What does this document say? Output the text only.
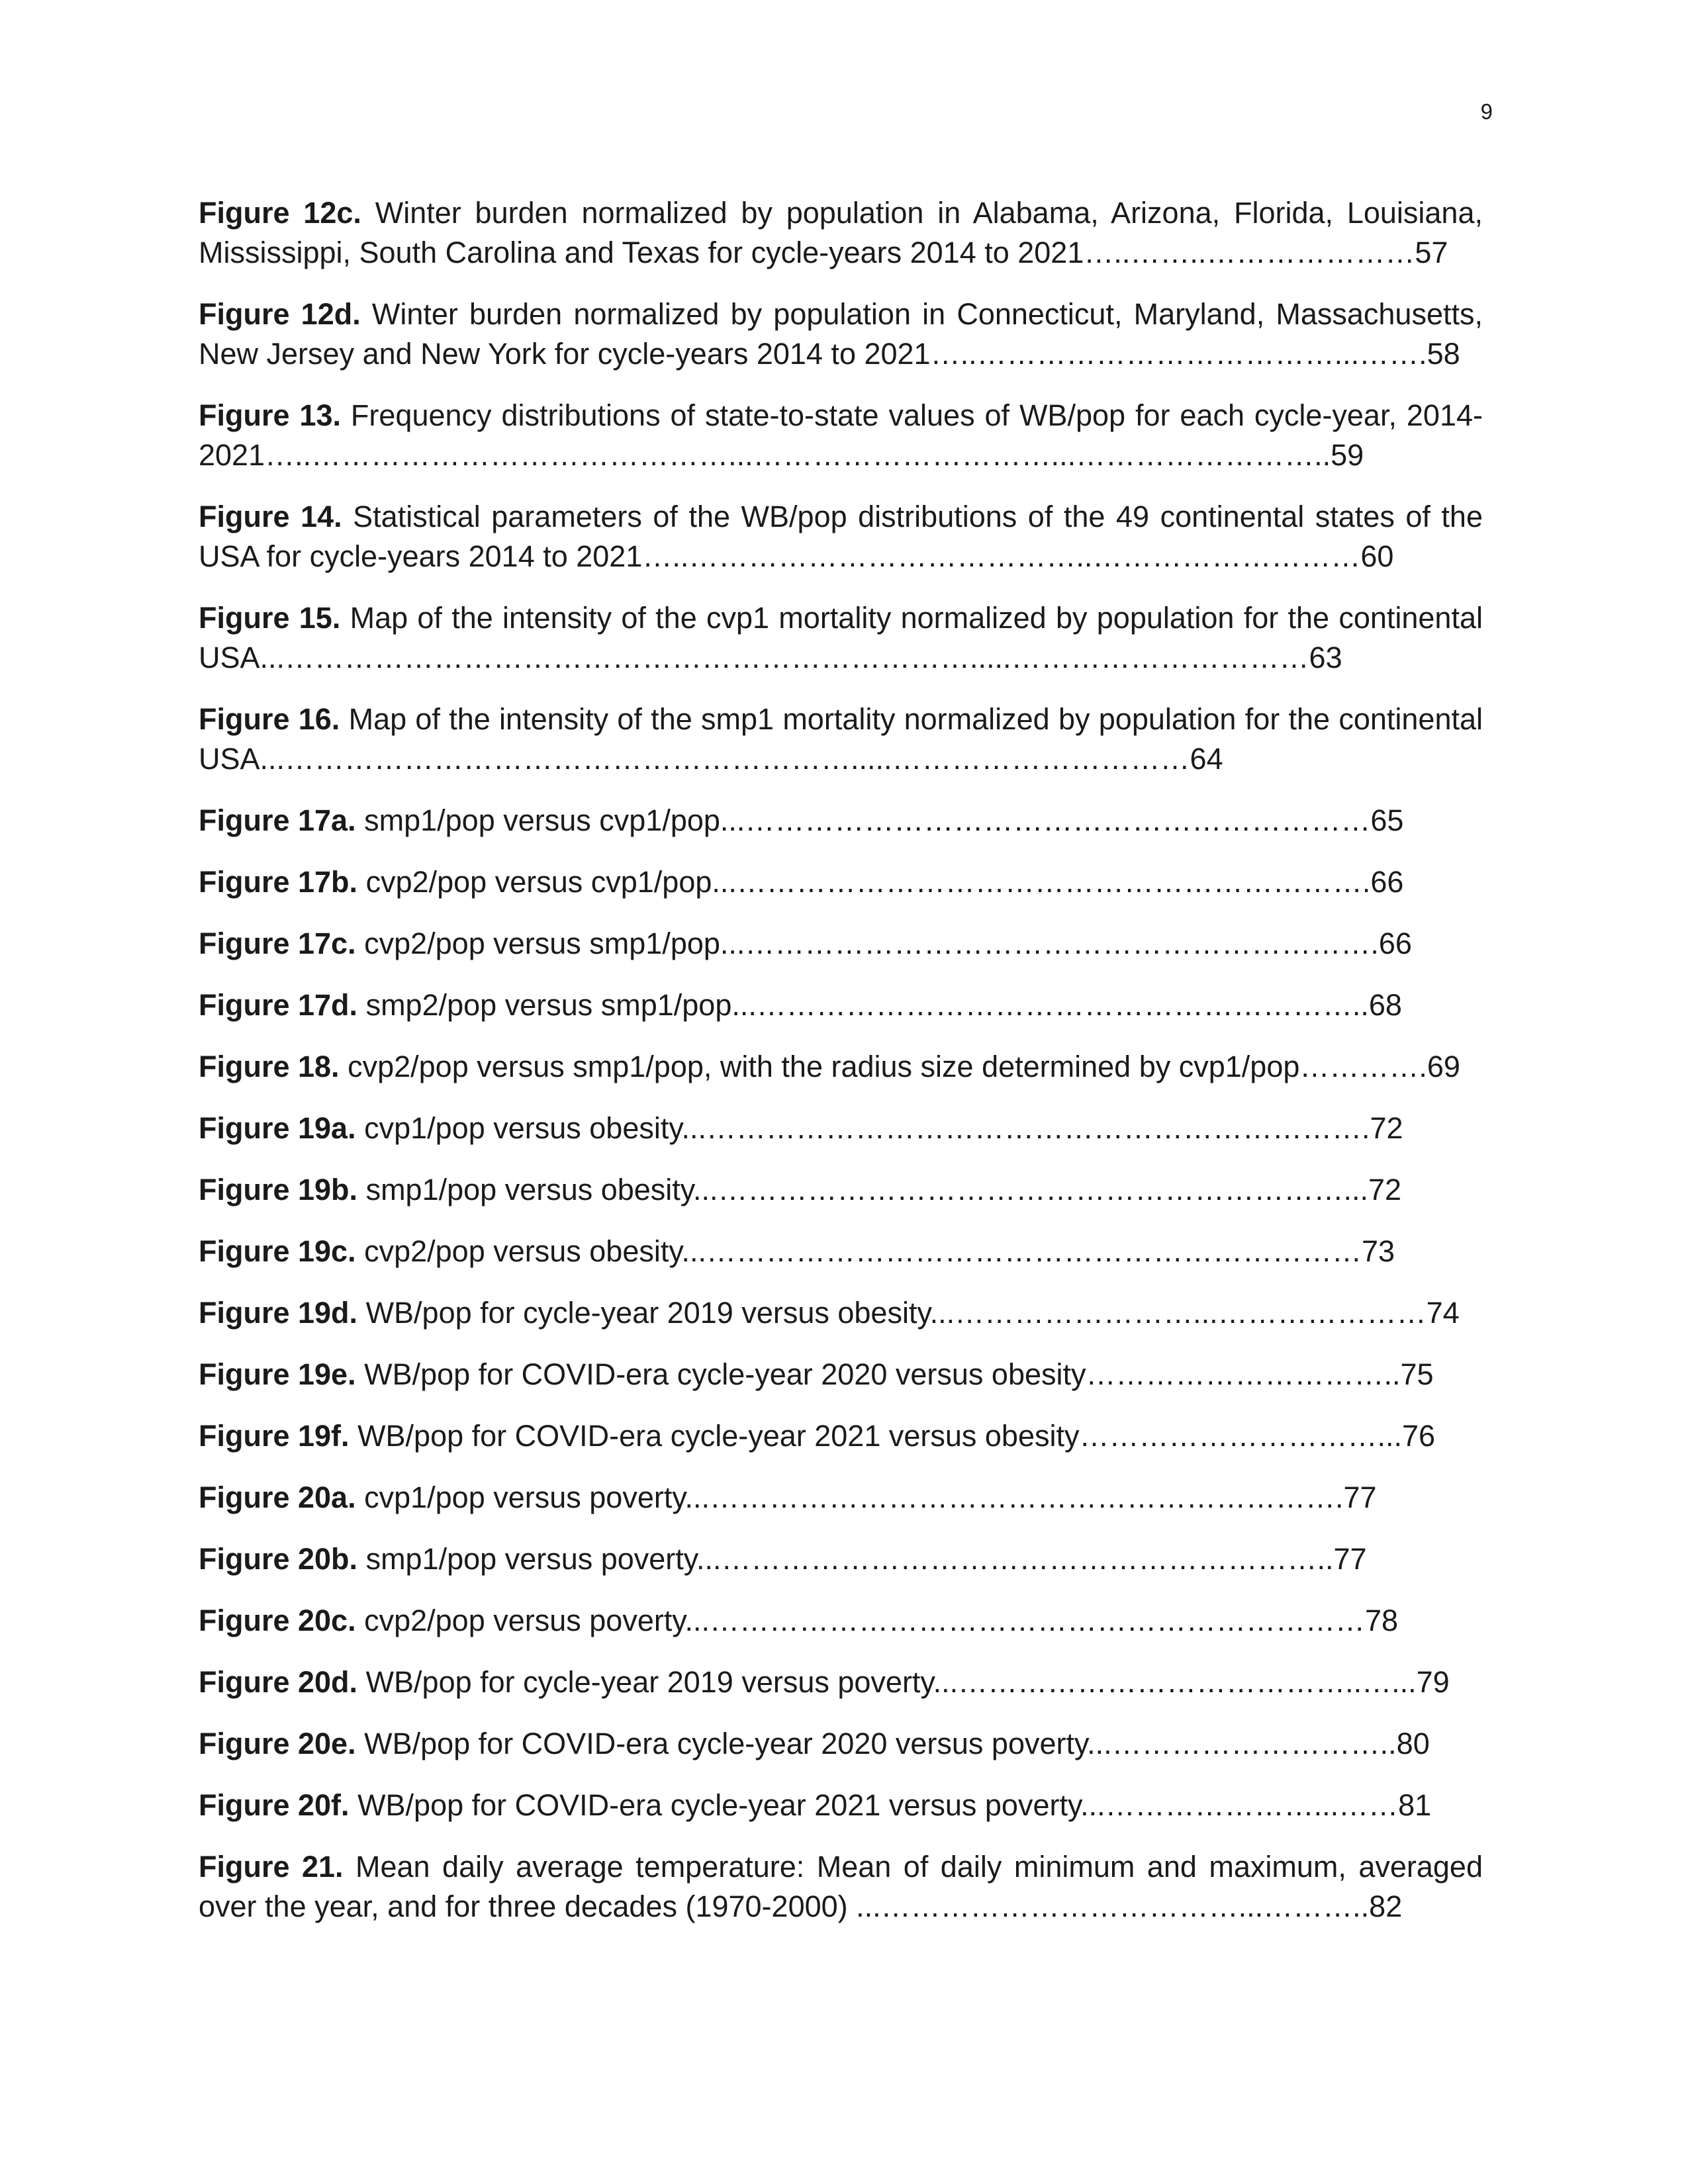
9

Figure 12c. Winter burden normalized by population in Alabama, Arizona, Florida, Louisiana, Mississippi, South Carolina and Texas for cycle-years 2014 to 2021…..……..…………………57

Figure 12d. Winter burden normalized by population in Connecticut, Maryland, Massachusetts, New Jersey and New York for cycle-years 2014 to 2021…..………………………………...…….58

Figure 13. Frequency distributions of state-to-state values of WB/pop for each cycle-year, 2014-2021…..……………………………………...…………………………...……………………..59

Figure 14. Statistical parameters of the WB/pop distributions of the 49 continental states of the USA for cycle-years 2014 to 2021…..…………………………………..………………………60

Figure 15. Map of the intensity of the cvp1 mortality normalized by population for the continental USA...…………………………………………………………….....…………………………63

Figure 16. Map of the intensity of the smp1 mortality normalized by population for the continental USA...………………………………………………….....…………………………64

Figure 17a. smp1/pop versus cvp1/pop...………………………………………………………65

Figure 17b. cvp2/pop versus cvp1/pop...……………………………………………………….66

Figure 17c. cvp2/pop versus smp1/pop...……………………………………………………….66

Figure 17d. smp2/pop versus smp1/pop...……………………………………………………..68

Figure 18. cvp2/pop versus smp1/pop, with the radius size determined by cvp1/pop………….69

Figure 19a. cvp1/pop versus obesity...………………………………………………………….72

Figure 19b. smp1/pop versus obesity...………………………………………………………...72

Figure 19c. cvp2/pop versus obesity...…………………………………………………………73

Figure 19d. WB/pop for cycle-year 2019 versus obesity...……………………...…………………74

Figure 19e. WB/pop for COVID-era cycle-year 2020 versus obesity…………………………..75

Figure 19f. WB/pop for COVID-era cycle-year 2021 versus obesity…………………………...76

Figure 20a. cvp1/pop versus poverty...……………………………………………………….77

Figure 20b. smp1/pop versus poverty...……………………………………………………..77

Figure 20c. cvp2/pop versus poverty...…………………………………………………………78

Figure 20d. WB/pop for cycle-year 2019 versus poverty...…………………………………..…...79

Figure 20e. WB/pop for COVID-era cycle-year 2020 versus poverty...………………………..80

Figure 20f. WB/pop for COVID-era cycle-year 2021 versus poverty...…………………...……81

Figure 21. Mean daily average temperature: Mean of daily minimum and maximum, averaged over the year, and for three decades (1970-2000) ...………………………………...………..82
